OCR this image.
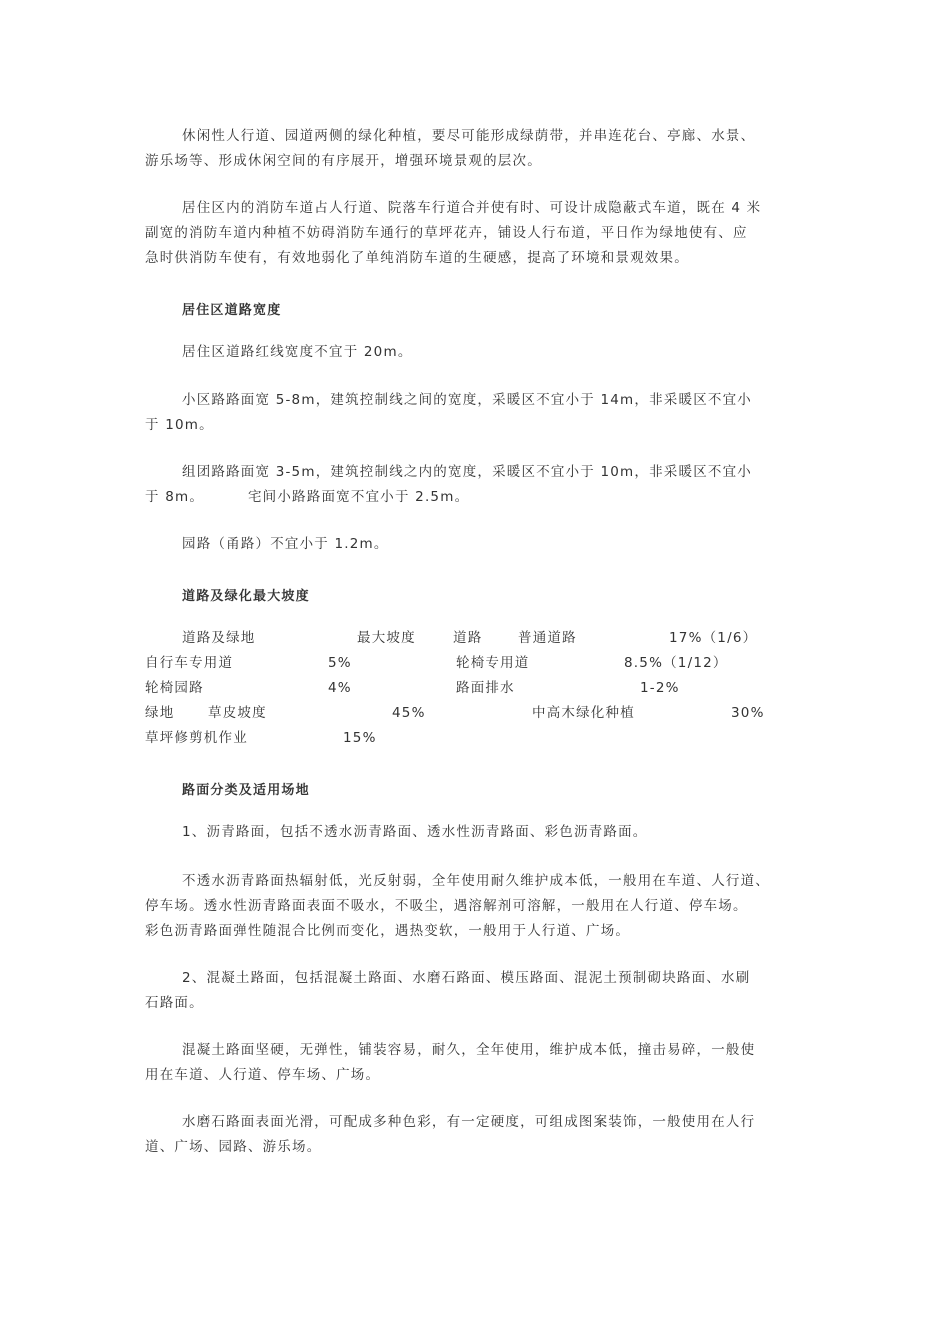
休闲性人行道、园道两侧的绿化种植，要尽可能形成绿荫带，并串连花台、亭廊、水景、
游乐场等、形成休闲空间的有序展开，增强环境景观的层次。

居住区内的消防车道占人行道、院落车行道合并使有时、可设计成隐蔽式车道，既在 4 米
副宽的消防车道内种植不妨碍消防车通行的草坪花卉，铺设人行布道，平日作为绿地使有、应
急时供消防车使有，有效地弱化了单纯消防车道的生硬感，提高了环境和景观效果。

居住区道路宽度

居住区道路红线宽度不宜于 20m。

小区路路面宽 5-8m，建筑控制线之间的宽度，采暖区不宜小于 14m，非采暖区不宜小
于 10m。

组团路路面宽 3-5m，建筑控制线之内的宽度，采暖区不宜小于 10m，非采暖区不宜小
于 8m。        宅间小路路面宽不宜小于 2.5m。

园路（甬路）不宜小于 1.2m。

道路及绿化最大坡度

道路及绿地	最大坡度	道路	普通道路	17%（1/6）
自行车专用道	5%	轮椅专用道	8.5%（1/12）
轮椅园路	4%	路面排水	1-2%
绿地 草皮坡度	45%	中高木绿化种植	30%
草坪修剪机作业	15%

路面分类及适用场地

1、沥青路面，包括不透水沥青路面、透水性沥青路面、彩色沥青路面。

不透水沥青路面热辐射低，光反射弱，全年使用耐久维护成本低，一般用在车道、人行道、
停车场。透水性沥青路面表面不吸水，不吸尘，遇溶解剂可溶解，一般用在人行道、停车场。
彩色沥青路面弹性随混合比例而变化，遇热变软，一般用于人行道、广场。

2、混凝土路面，包括混凝土路面、水磨石路面、模压路面、混泥土预制砌块路面、水刷
石路面。

混凝土路面坚硬，无弹性，铺装容易，耐久，全年使用，维护成本低，撞击易碎，一般使
用在车道、人行道、停车场、广场。

水磨石路面表面光滑，可配成多种色彩，有一定硬度，可组成图案装饰，一般使用在人行
道、广场、园路、游乐场。
